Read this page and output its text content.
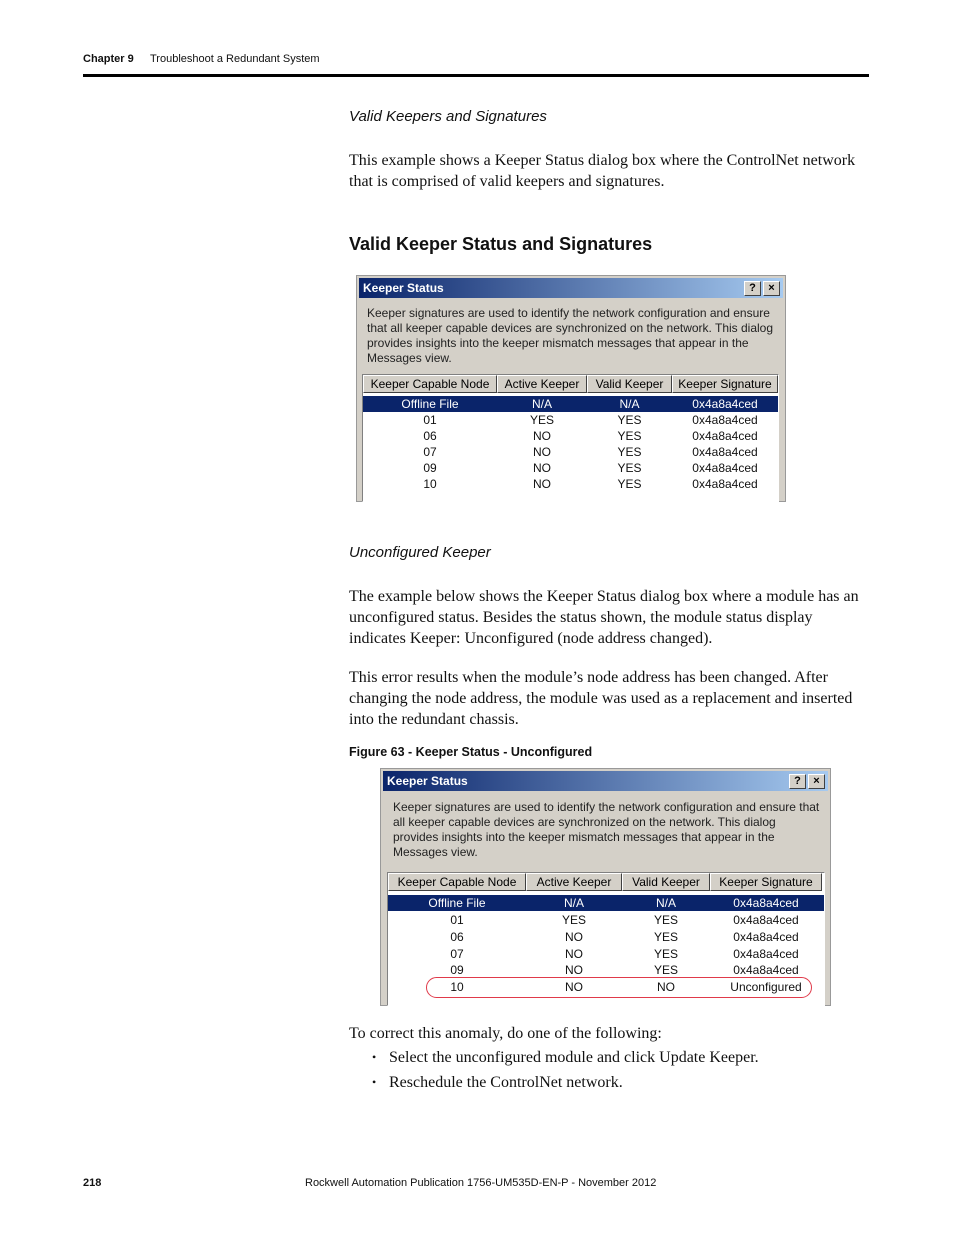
Chapter 9 Troubleshoot a Redundant System
Valid Keepers and Signatures
This example shows a Keeper Status dialog box where the ControlNet network that is comprised of valid keepers and signatures.
Valid Keeper Status and Signatures
Keeper Status	?	×
Keeper signatures are used to identify the network configuration and ensure that all keeper capable devices are synchronized on the network. This dialog provides insights into the keeper mismatch messages that appear in the Messages view.
Keeper Capable Node	Active Keeper	Valid Keeper	Keeper Signature
Offline File	N/A	N/A	0x4a8a4ced
01	YES	YES	0x4a8a4ced
06	NO	YES	0x4a8a4ced
07	NO	YES	0x4a8a4ced
09	NO	YES	0x4a8a4ced
10	NO	YES	0x4a8a4ced
Unconfigured Keeper
The example below shows the Keeper Status dialog box where a module has an unconfigured status. Besides the status shown, the module status display indicates Keeper: Unconfigured (node address changed).
This error results when the module’s node address has been changed. After changing the node address, the module was used as a replacement and inserted into the redundant chassis.
Figure 63 - Keeper Status - Unconfigured
Keeper Status	?	×
Keeper signatures are used to identify the network configuration and ensure that all keeper capable devices are synchronized on the network. This dialog provides insights into the keeper mismatch messages that appear in the Messages view.
Keeper Capable Node	Active Keeper	Valid Keeper	Keeper Signature
Offline File	N/A	N/A	0x4a8a4ced
01	YES	YES	0x4a8a4ced
06	NO	YES	0x4a8a4ced
07	NO	YES	0x4a8a4ced
09	NO	YES	0x4a8a4ced
10	NO	NO	Unconfigured
To correct this anomaly, do one of the following:
• Select the unconfigured module and click Update Keeper.
• Reschedule the ControlNet network.
218	Rockwell Automation Publication 1756-UM535D-EN-P - November 2012
